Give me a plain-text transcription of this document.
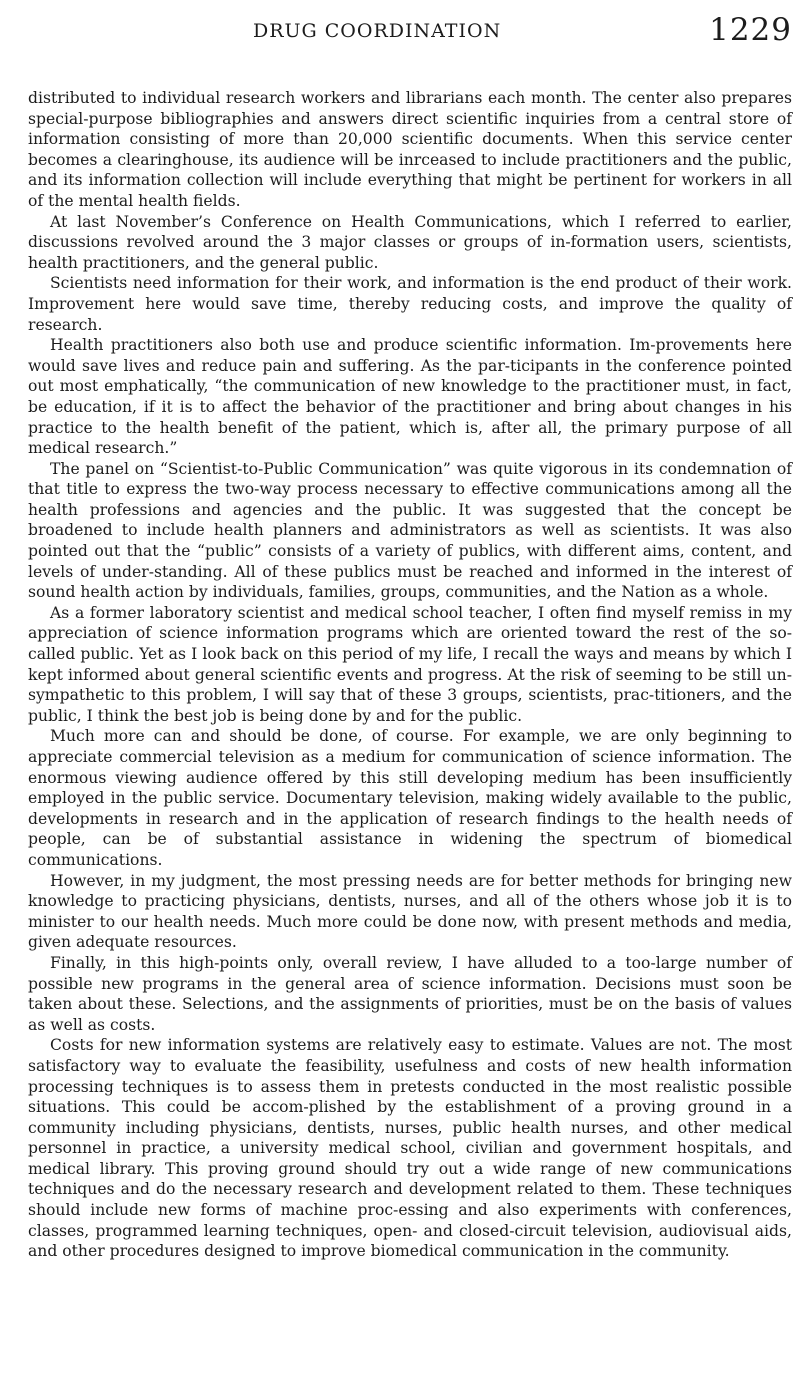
DRUG COORDINATION	1229

distributed to individual research workers and librarians each month. The center also prepares special-purpose bibliographies and answers direct scientific inquiries from a central store of information consisting of more than 20,000 scientific documents. When this service center becomes a clearinghouse, its audience will be inrceased to include practitioners and the public, and its information collection will include everything that might be pertinent for workers in all of the mental health fields.

At last November’s Conference on Health Communications, which I referred to earlier, discussions revolved around the 3 major classes or groups of in-formation users, scientists, health practitioners, and the general public.

Scientists need information for their work, and information is the end product of their work. Improvement here would save time, thereby reducing costs, and improve the quality of research.

Health practitioners also both use and produce scientific information. Im-provements here would save lives and reduce pain and suffering. As the par-ticipants in the conference pointed out most emphatically, “the communication of new knowledge to the practitioner must, in fact, be education, if it is to affect the behavior of the practitioner and bring about changes in his practice to the health benefit of the patient, which is, after all, the primary purpose of all medical research.”

The panel on “Scientist-to-Public Communication” was quite vigorous in its condemnation of that title to express the two-way process necessary to effective communications among all the health professions and agencies and the public. It was suggested that the concept be broadened to include health planners and administrators as well as scientists. It was also pointed out that the “public” consists of a variety of publics, with different aims, content, and levels of under-standing. All of these publics must be reached and informed in the interest of sound health action by individuals, families, groups, communities, and the Nation as a whole.

As a former laboratory scientist and medical school teacher, I often find myself remiss in my appreciation of science information programs which are oriented toward the rest of the so-called public. Yet as I look back on this period of my life, I recall the ways and means by which I kept informed about general scientific events and progress. At the risk of seeming to be still un-sympathetic to this problem, I will say that of these 3 groups, scientists, prac-titioners, and the public, I think the best job is being done by and for the public.

Much more can and should be done, of course. For example, we are only beginning to appreciate commercial television as a medium for communication of science information. The enormous viewing audience offered by this still developing medium has been insufficiently employed in the public service. Documentary television, making widely available to the public, developments in research and in the application of research findings to the health needs of people, can be of substantial assistance in widening the spectrum of biomedical communications.

However, in my judgment, the most pressing needs are for better methods for bringing new knowledge to practicing physicians, dentists, nurses, and all of the others whose job it is to minister to our health needs. Much more could be done now, with present methods and media, given adequate resources.

Finally, in this high-points only, overall review, I have alluded to a too-large number of possible new programs in the general area of science information. Decisions must soon be taken about these. Selections, and the assignments of priorities, must be on the basis of values as well as costs.

Costs for new information systems are relatively easy to estimate. Values are not. The most satisfactory way to evaluate the feasibility, usefulness and costs of new health information processing techniques is to assess them in pretests conducted in the most realistic possible situations. This could be accom-plished by the establishment of a proving ground in a community including physicians, dentists, nurses, public health nurses, and other medical personnel in practice, a university medical school, civilian and government hospitals, and medical library. This proving ground should try out a wide range of new communications techniques and do the necessary research and development related to them. These techniques should include new forms of machine proc-essing and also experiments with conferences, classes, programmed learning techniques, open- and closed-circuit television, audiovisual aids, and other procedures designed to improve biomedical communication in the community.
